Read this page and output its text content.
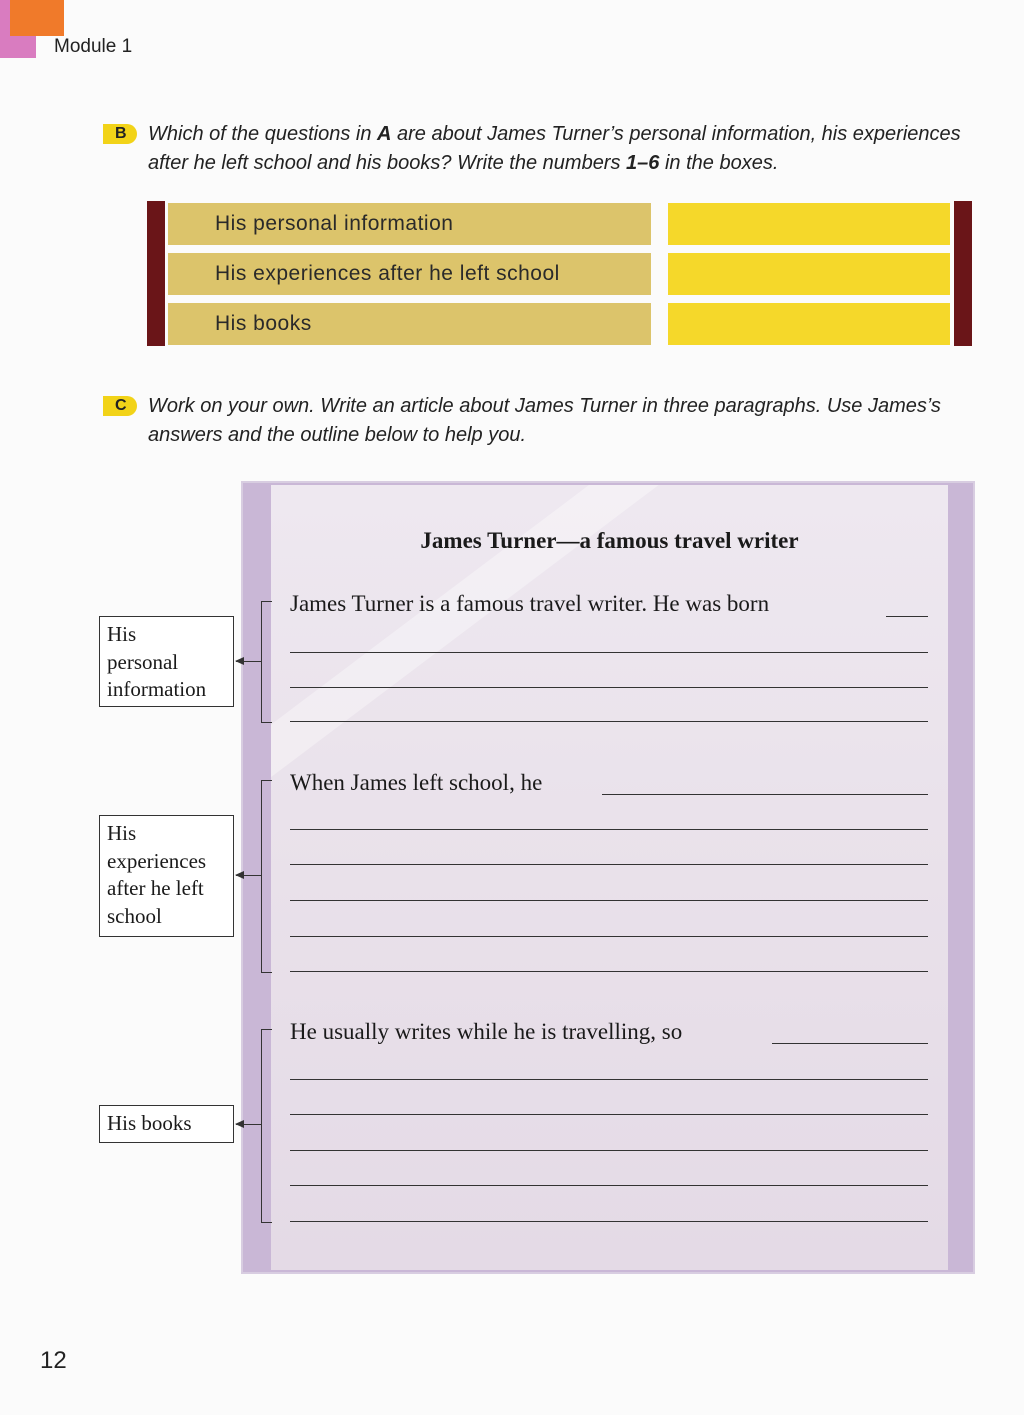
Module 1
B	Which of the questions in A are about James Turner’s personal information, his experiences after he left school and his books? Write the numbers 1–6 in the boxes.
His personal information
His experiences after he left school
His books
C	Work on your own. Write an article about James Turner in three paragraphs. Use James’s answers and the outline below to help you.
James Turner—a famous travel writer
James Turner is a famous travel writer. He was born
When James left school, he
He usually writes while he is travelling, so
His
personal
information
His
experiences
after he left
school
His books
12
